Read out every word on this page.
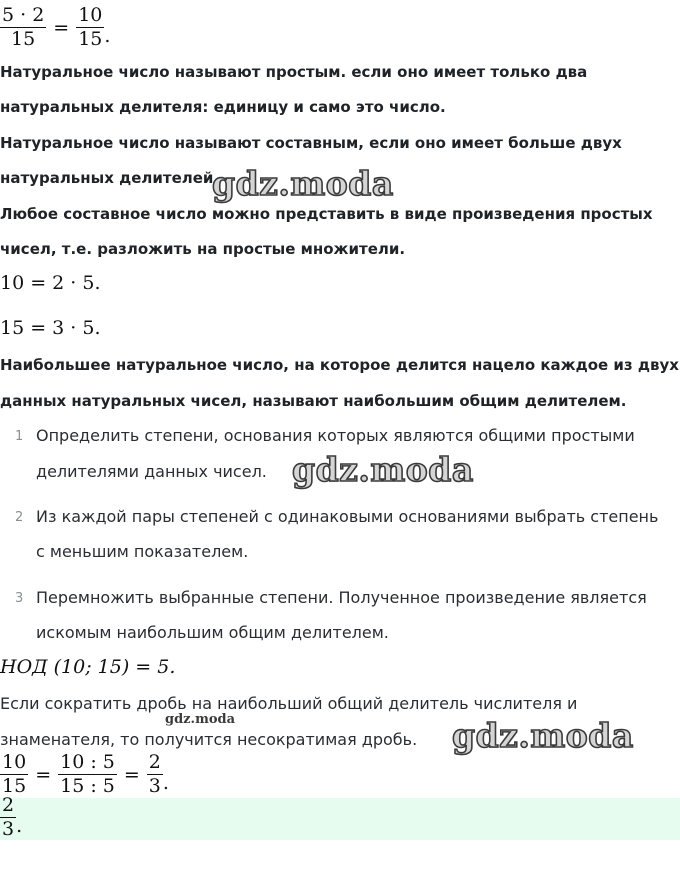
$\frac{5 \cdot 2}{15} = \frac{10}{15}$ .
Натуральное число называют простым. если оно имеет только два
натуральных делителя: единицу и само это число.
Натуральное число называют составным, если оно имеет больше двух
натуральных делителей.
Любое составное число можно представить в виде произведения простых
чисел, т.е. разложить на простые множители.
10 = 2 · 5.
15 = 3 · 5.
Наибольшее натуральное число, на которое делится нацело каждое из двух
данных натуральных чисел, называют наибольшим общим делителем.
1 Определить степени, основания которых являются общими простыми
делителями данных чисел.
2 Из каждой пары степеней с одинаковыми основаниями выбрать степень
с меньшим показателем.
3 Перемножить выбранные степени. Полученное произведение является
искомым наибольшим общим делителем.
НОД (10; 15) = 5.
Если сократить дробь на наибольший общий делитель числителя и
знаменателя, то получится несократимая дробь.
$\frac{10}{15} = \frac{10 : 5}{15 : 5} = \frac{2}{3}$ .
$\frac{2}{3}$ .
gdz.moda
gdz.moda
gdz.moda	gdz.moda
